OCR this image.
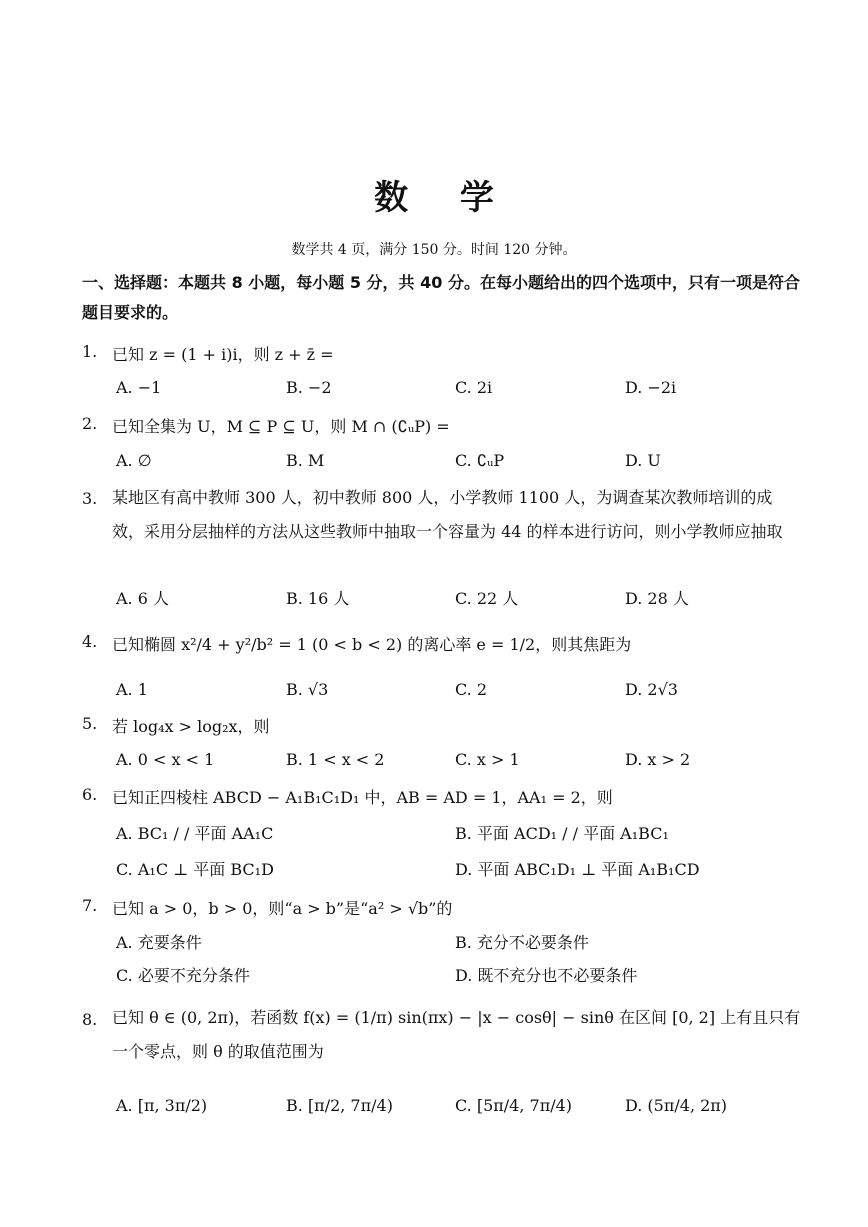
数 学
数学共 4 页，满分 150 分。时间 120 分钟。
一、选择题：本题共 8 小题，每小题 5 分，共 40 分。在每小题给出的四个选项中，只有一项是符合题目要求的。
1. 已知 z = (1 + i)i，则 z + z̄ =
A. −1	B. −2	C. 2i	D. −2i
2. 已知全集为 U，M ⊆ P ⊆ U，则 M ∩ (∁ᵤP) =
A. ∅	B. M	C. ∁ᵤP	D. U
3. 某地区有高中教师 300 人，初中教师 800 人，小学教师 1100 人，为调查某次教师培训的成效，采用分层抽样的方法从这些教师中抽取一个容量为 44 的样本进行访问，则小学教师应抽取
A. 6 人	B. 16 人	C. 22 人	D. 28 人
4. 已知椭圆 x²/4 + y²/b² = 1 (0 < b < 2) 的离心率 e = 1/2，则其焦距为
A. 1	B. √3	C. 2	D. 2√3
5. 若 log₄x > log₂x，则
A. 0 < x < 1	B. 1 < x < 2	C. x > 1	D. x > 2
6. 已知正四棱柱 ABCD − A₁B₁C₁D₁ 中，AB = AD = 1，AA₁ = 2，则
A. BC₁ / / 平面 AA₁C	B. 平面 ACD₁ / / 平面 A₁BC₁
C. A₁C ⊥ 平面 BC₁D	D. 平面 ABC₁D₁ ⊥ 平面 A₁B₁CD
7. 已知 a > 0，b > 0，则“a > b”是“a² > √b”的
A. 充要条件	B. 充分不必要条件
C. 必要不充分条件	D. 既不充分也不必要条件
8. 已知 θ ∈ (0, 2π)，若函数 f(x) = (1/π) sin(πx) − |x − cosθ| − sinθ 在区间 [0, 2] 上有且只有一个零点，则 θ 的取值范围为
A. [π, 3π/2)	B. [π/2, 7π/4)	C. [5π/4, 7π/4)	D. (5π/4, 2π)
